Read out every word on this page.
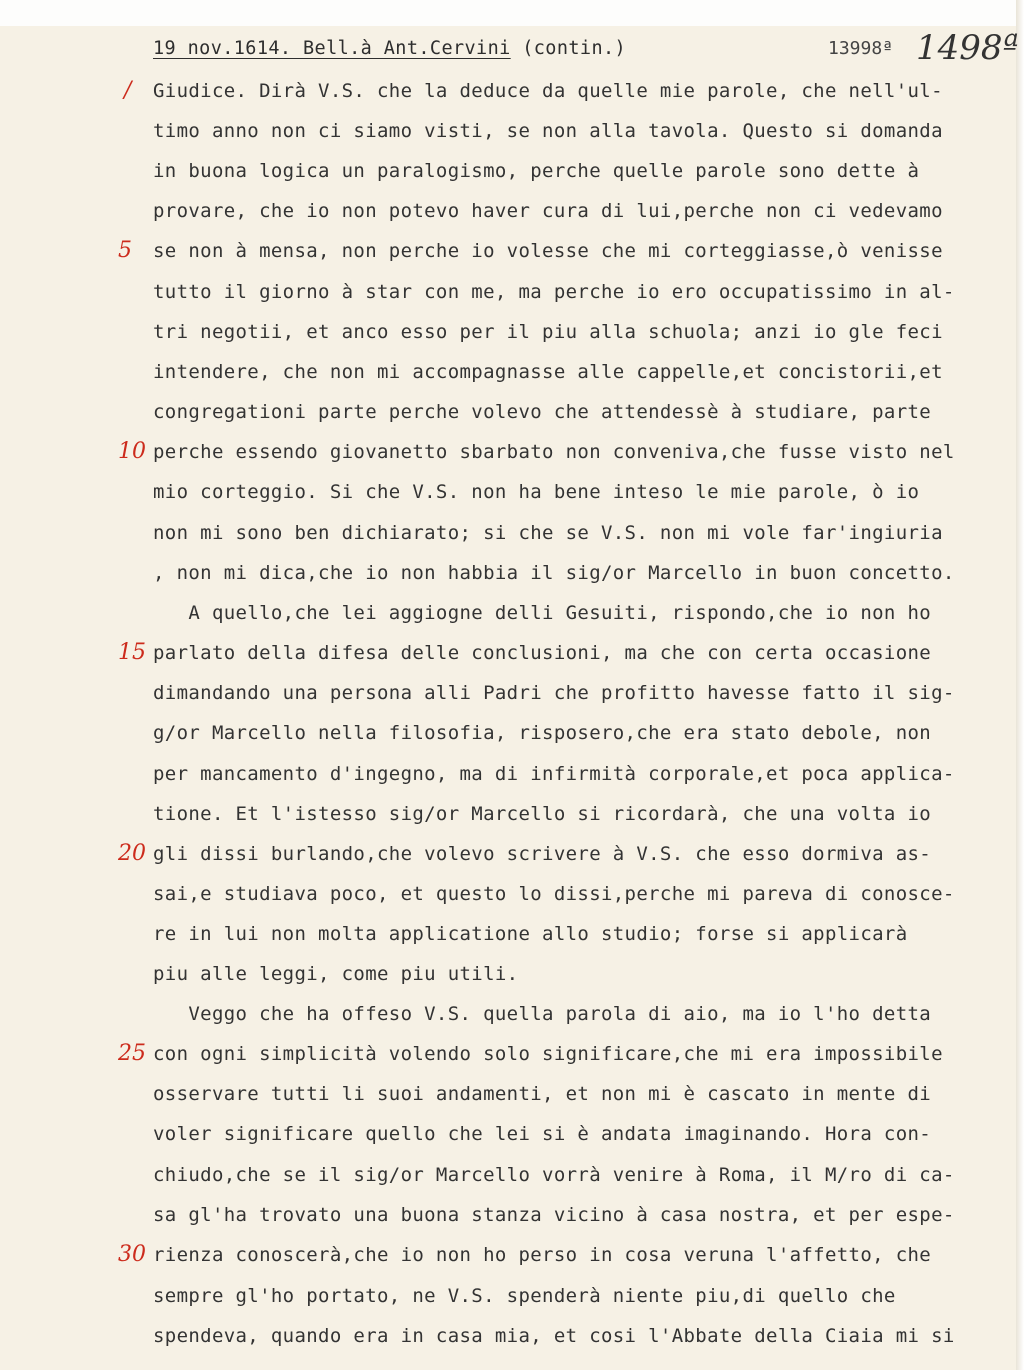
19 nov.1614. Bell.à Ant.Cervini (contin.)	13998ª 1498ª
Giudice. Dirà V.S. che la deduce da quelle mie parole, che nell'ul-
timo anno non ci siamo visti, se non alla tavola. Questo si domanda
in buona logica un paralogismo, perche quelle parole sono dette à
provare, che io non potevo haver cura di lui,perche non ci vedevamo
se non à mensa, non perche io volesse che mi corteggiasse,ò venisse
tutto il giorno à star con me, ma perche io ero occupatissimo in al-
tri negotii, et anco esso per il piu alla schuola; anzi io gle feci
intendere, che non mi accompagnasse alle cappelle,et concistorii,et
congregationi parte perche volevo che attendessè à studiare, parte
perche essendo giovanetto sbarbato non conveniva,che fusse visto nel
mio corteggio. Si che V.S. non ha bene inteso le mie parole, ò io
non mi sono ben dichiarato; si che se V.S. non mi vole far'ingiuria
, non mi dica,che io non habbia il sig/or Marcello in buon concetto.
A quello,che lei aggiogne delli Gesuiti, rispondo,che io non ho
parlato della difesa delle conclusioni, ma che con certa occasione
dimandando una persona alli Padri che profitto havesse fatto il sig-
g/or Marcello nella filosofia, risposero,che era stato debole, non
per mancamento d'ingegno, ma di infirmità corporale,et poca applica-
tione. Et l'istesso sig/or Marcello si ricordarà, che una volta io
gli dissi burlando,che volevo scrivere à V.S. che esso dormiva as-
sai,e studiava poco, et questo lo dissi,perche mi pareva di conosce-
re in lui non molta applicatione allo studio; forse si applicarà
piu alle leggi, come piu utili.
Veggo che ha offeso V.S. quella parola di aio, ma io l'ho detta
con ogni simplicità volendo solo significare,che mi era impossibile
osservare tutti li suoi andamenti, et non mi è cascato in mente di
voler significare quello che lei si è andata imaginando. Hora con-
chiudo,che se il sig/or Marcello vorrà venire à Roma, il M/ro di ca-
sa gl'ha trovato una buona stanza vicino à casa nostra, et per espe-
rienza conoscerà,che io non ho perso in cosa veruna l'affetto, che
sempre gl'ho portato, ne V.S. spenderà niente piu,di quello che
spendeva, quando era in casa mia, et cosi l'Abbate della Ciaia mi si
/
5
10
15
20
25
30
